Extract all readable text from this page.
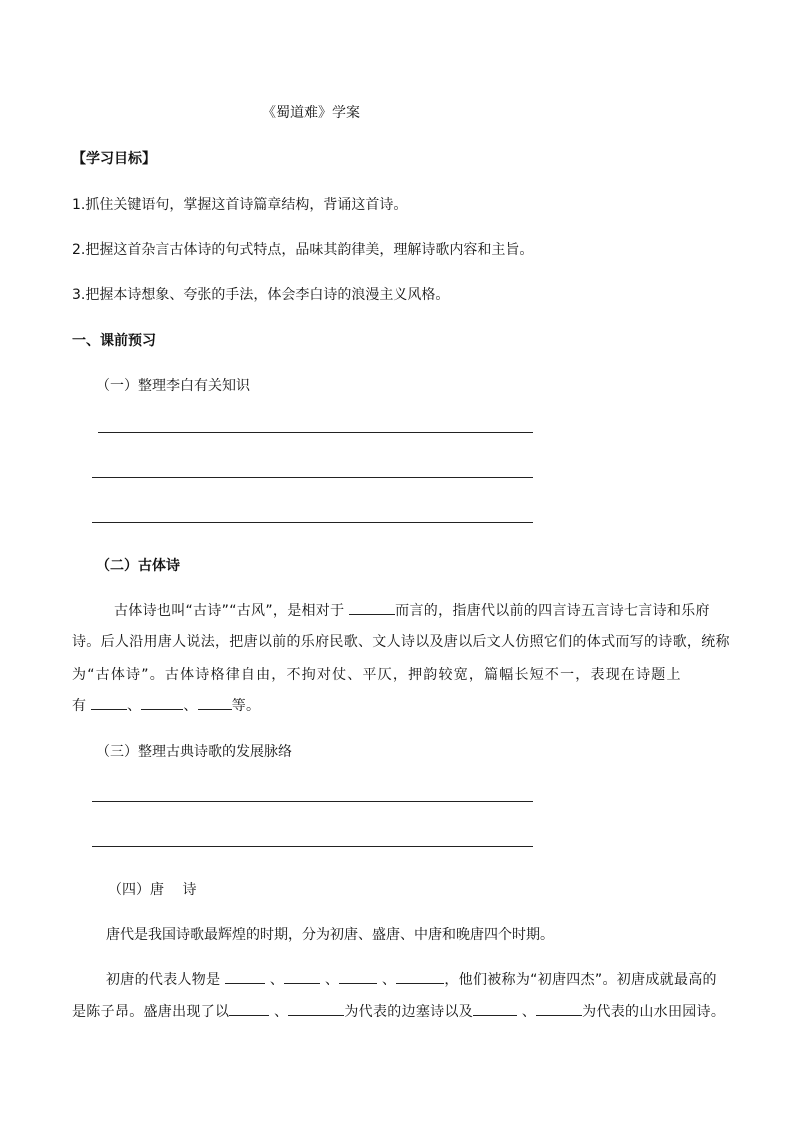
《蜀道难》学案
【学习目标】
1.抓住关键语句，掌握这首诗篇章结构，背诵这首诗。
2.把握这首杂言古体诗的句式特点，品味其韵律美，理解诗歌内容和主旨。
3.把握本诗想象、夸张的手法，体会李白诗的浪漫主义风格。
一、课前预习
（一）整理李白有关知识
（二）古体诗
古体诗也叫“古诗”“古风”，是相对于	而言的，指唐代以前的四言诗五言诗七言诗和乐府
诗。后人沿用唐人说法，把唐以前的乐府民歌、文人诗以及唐以后文人仿照它们的体式而写的诗歌，统称
为“古体诗”。古体诗格律自由，不拘对仗、平仄，押韵较宽，篇幅长短不一，表现在诗题上
有	、	、 等。
（三）整理古典诗歌的发展脉络
（四）唐　 诗
唐代是我国诗歌最辉煌的时期，分为初唐、盛唐、中唐和晚唐四个时期。
初唐的代表人物是	、	、	、	，他们被称为“初唐四杰”。初唐成就最高的
是陈子昂。盛唐出现了以	、	为代表的边塞诗以及	、	为代表的山水田园诗。
